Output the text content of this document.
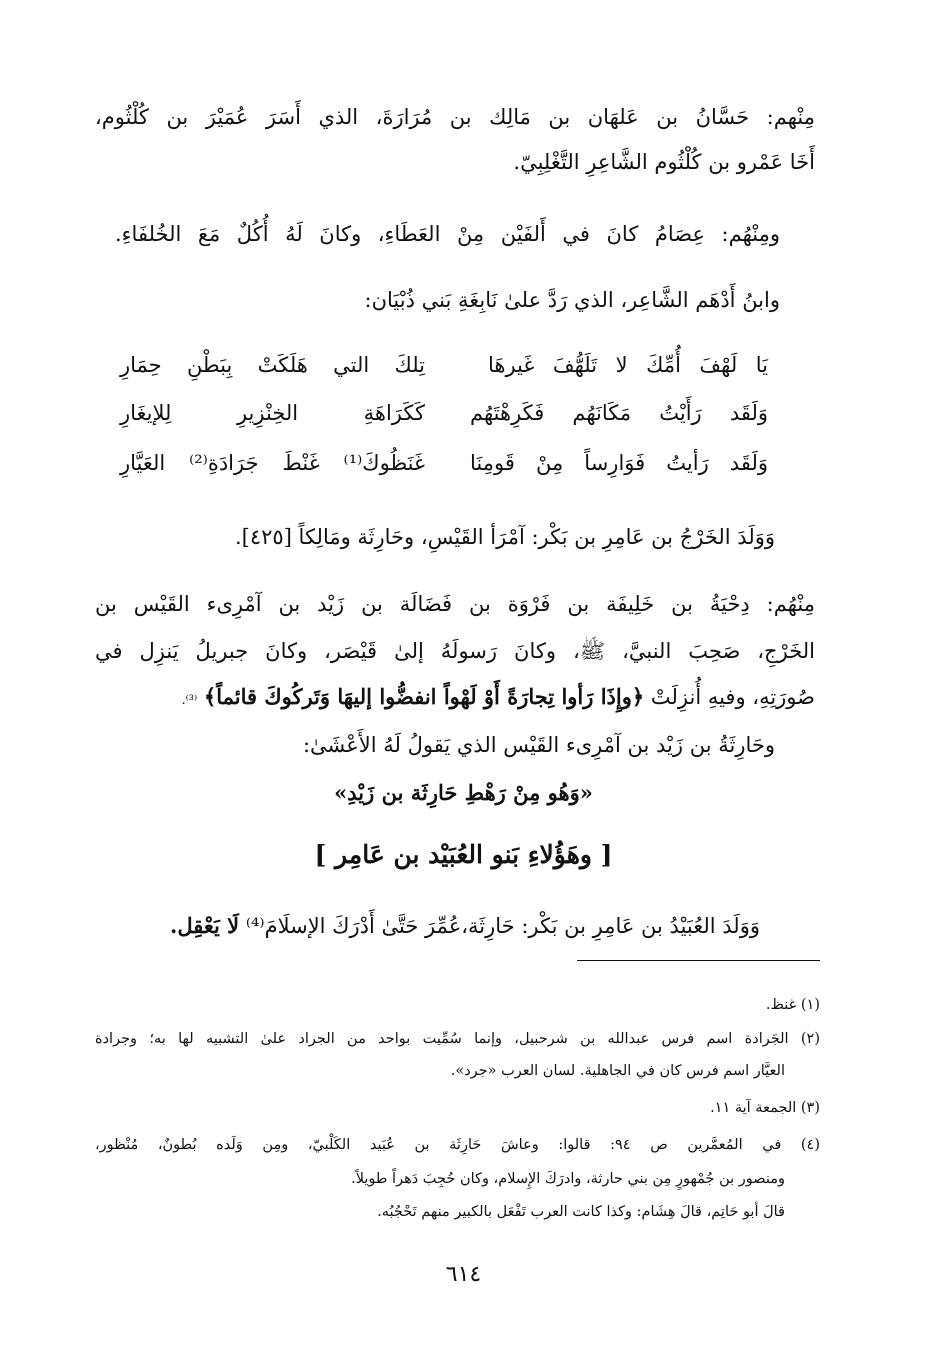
مِنْهم: حَسَّانُ بن عَلهَان بن مَالِك بن مُرَارَةَ، الذي أَسَرَ عُمَيْرَ بن كُلْثُوم،
أَخَا عَمْرو بن كُلْثُوم الشَّاعِرِ التَّغْلِبِيّ.
ومِنْهُم: عِصَامُ كانَ في أَلفَيْن مِنْ العَطَاءِ، وكانَ لَهُ أُكُلٌ مَعَ الخُلفَاءِ.
وابنُ أَدْهَم الشَّاعِر، الذي رَدَّ علىٰ نَابِغَةِ بَني ذُبْيَان:
يَا لَهْفَ أُمِّكَ لا تَلَهُّفَ غَيرهَا
تِلكَ التي هَلَكَتْ بِبَطْنِ حِمَارِ
وَلَقَد رَأَيْتُ مَكَانَهُم فَكَرِهْتَهُم
كَكَرَاهَةِ الخِنْزِيرِ لِلإيغَارِ
وَلَقَد رَأيتُ فَوَارِساً مِنْ قَومِنَا
غَنَظُوكَ⁽¹⁾ غَنْطَ جَرَادَةِ⁽²⁾ العَيَّارِ
وَوَلَدَ الخَرْجُ بن عَامِرِ بن بَكْر: آمْرَأ القَيْسِ، وحَارِثَة ومَالِكاً [٤٢٥].
مِنْهُم: دِحْيَةُ بن خَلِيفَة بن فَرْوَة بن فَضَالَة بن زَيْد بن آمْرِىء القَيْس بن
الخَرْجِ، صَحِبَ النبيَّ، ﷺ، وكانَ رَسولَهُ إلىٰ قَيْصَر، وكانَ جبريلُ يَنزِل في
صُورَتِهِ، وفيهِ أُنزِلَتْ ﴿وإِذَا رَأوا تِجارَةً أَوْ لَهْواً انفضُّوا إليهَا وَتَركُوكَ قائماً﴾ ⁽³⁾.
وحَارِثَةُ بن زَيْد بن آمْرِىء القَيْس الذي يَقولُ لَهُ الأَعْشَىٰ:
«وَهُو مِنْ رَهْطِ حَارِثَة بن زَيْدِ»
[ وهَؤُلاءِ بَنو العُبَيْد بن عَامِر ]
وَوَلَدَ العُبَيْدُ بن عَامِرِ بن بَكْر: حَارِثَة،عُمِّرَ حَتَّىٰ أَدْرَكَ الإسلَامَ⁽⁴⁾ لَا يَعْقِل.
(١) غنظ.
(٢) الجَرادة اسم فرس عبدالله بن شرحبيل، وإنما سُمِّيت بواحد من الجراد علىٰ التشبيه لها به؛ وجرادة
العيَّار اسم فرس كان في الجاهلية. لسان العرب «جرد».
(٣) الجمعة آية ١١.
(٤) في المُعمَّرين ص ٩٤: قالوا: وعاشَ حَارِثَة بن عُبَيد الكَلْبيّ، ومِن وَلَده بُطونٌ، مُنْظور،
ومنصور بن جُمْهورٍ مِن بني حارثة، وادرَكَ الإِسلام، وكان حُجِبَ دَهراً طويلاً.
قالَ أبو حَاتِم، قالَ هِشَام: وكذا كانت العرب تَفْعَل بالكبير منهم تَحْجُبُه.
٦١٤
